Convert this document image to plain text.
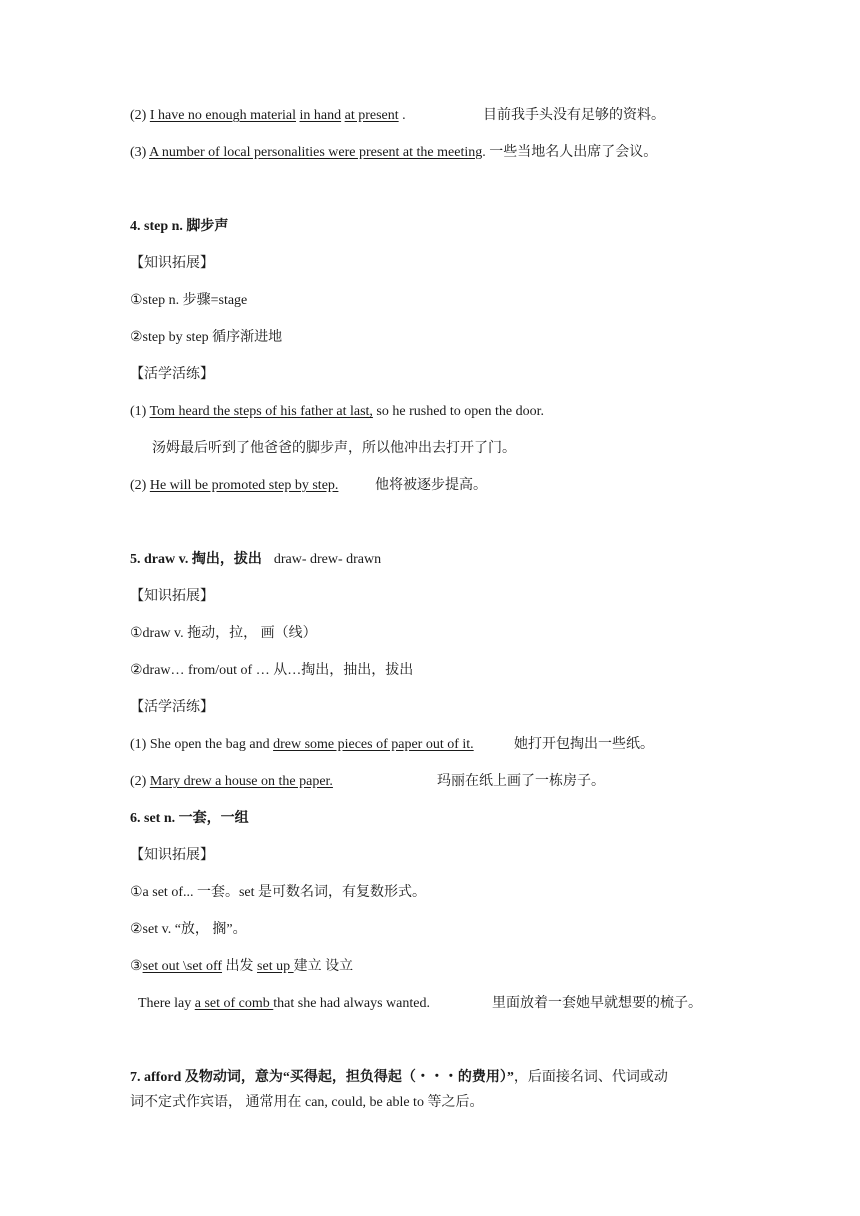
(2) I have no enough material in hand at present .	目前我手头没有足够的资料。
(3) A number of local personalities were present at the meeting. 一些当地名人出席了会议。
4. step n. 脚步声
【知识拓展】
①step n. 步骤=stage
②step by step 循序渐进地
【活学活练】
(1) Tom heard the steps of his father at last, so he rushed to open the door.
汤姆最后听到了他爸爸的脚步声，所以他冲出去打开了门。
(2) He will be promoted step by step.	他将被逐步提高。
5. draw v. 掏出，拔出 draw- drew- drawn
【知识拓展】
①draw v. 拖动，拉， 画（线）
②draw… from/out of … 从…掏出，抽出，拔出
【活学活练】
(1) She open the bag and drew some pieces of paper out of it.	她打开包掏出一些纸。
(2) Mary drew a house on the paper.	玛丽在纸上画了一栋房子。
6. set n. 一套，一组
【知识拓展】
①a set of... 一套。set 是可数名词，有复数形式。
②set v. “放， 搁”。
③set out \set off 出发 set up 建立 设立
There lay a set of comb that she had always wanted.	里面放着一套她早就想要的梳子。
7. afford 及物动词，意为“买得起，担负得起（・・・的费用）”，后面接名词、代词或动
词不定式作宾语， 通常用在 can, could, be able to 等之后。
